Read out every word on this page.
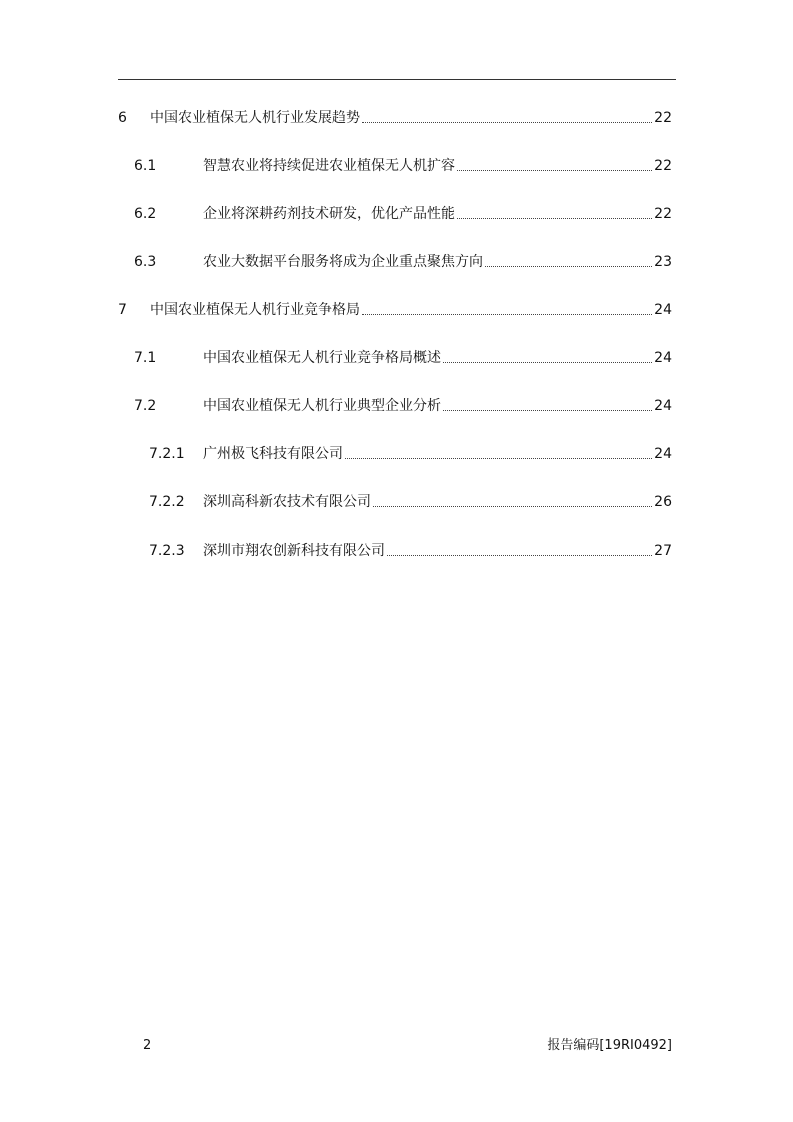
6 中国农业植保无人机行业发展趋势	22
6.1	智慧农业将持续促进农业植保无人机扩容	22
6.2	企业将深耕药剂技术研发，优化产品性能	22
6.3	农业大数据平台服务将成为企业重点聚焦方向	23
7 中国农业植保无人机行业竞争格局	24
7.1	中国农业植保无人机行业竞争格局概述	24
7.2	中国农业植保无人机行业典型企业分析	24
7.2.1 广州极飞科技有限公司	24
7.2.2 深圳高科新农技术有限公司	26
7.2.3 深圳市翔农创新科技有限公司	27
2	报告编码[19RI0492]
